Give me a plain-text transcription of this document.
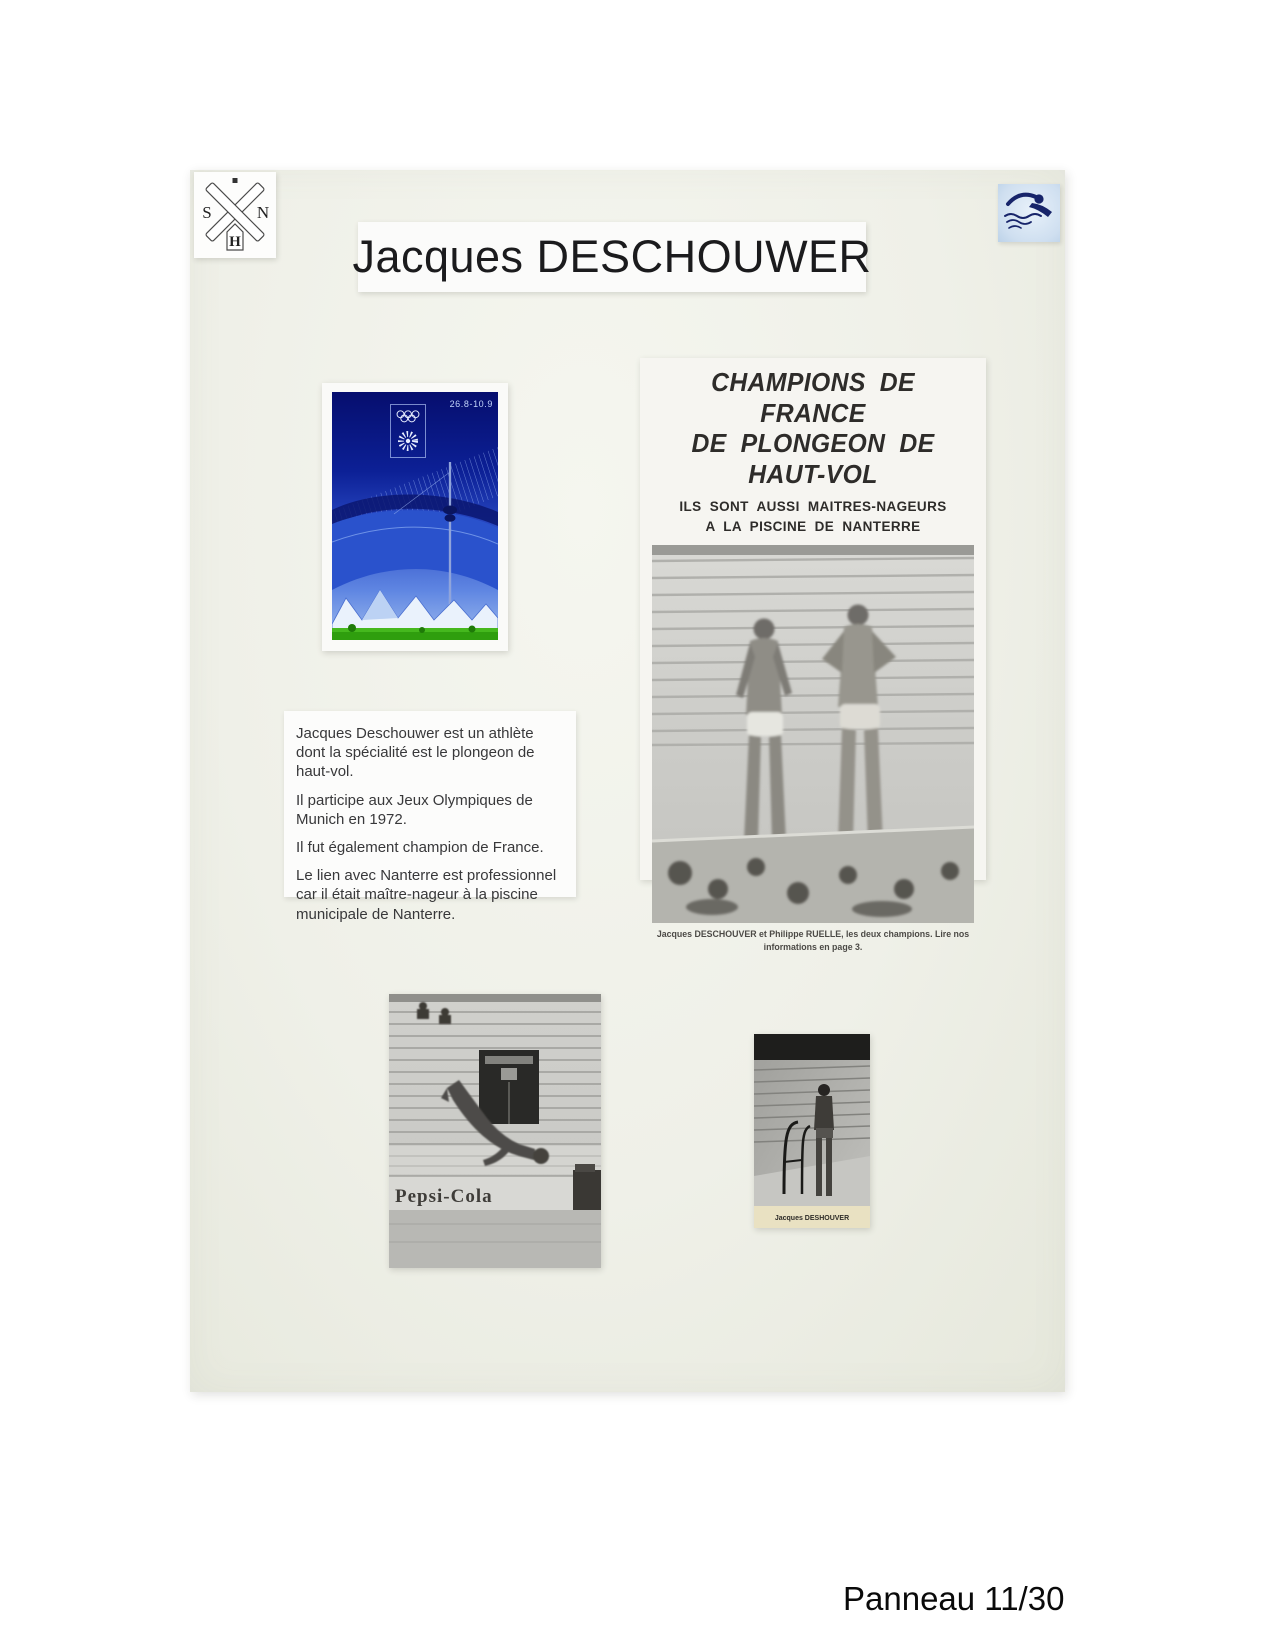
S	N
H Jacques DESCHOUWER
26.8-10.9
CHAMPIONS DE FRANCE
DE PLONGEON DE HAUT-VOL
ILS SONT AUSSI MAITRES-NAGEURS
A LA PISCINE DE NANTERRE
Jacques DESCHOUVER et Philippe RUELLE, les deux champions. Lire nos
informations en page 3.

Jacques Deschouwer est un athlète dont la spécialité est le plongeon de haut-vol.

Il participe aux Jeux Olympiques de Munich en 1972.

Il fut également champion de France.

Le lien avec Nanterre est professionnel car il était maître-nageur à la piscine municipale de Nanterre.

Pepsi-Cola
Jacques DESHOUVER
Panneau 11/30
